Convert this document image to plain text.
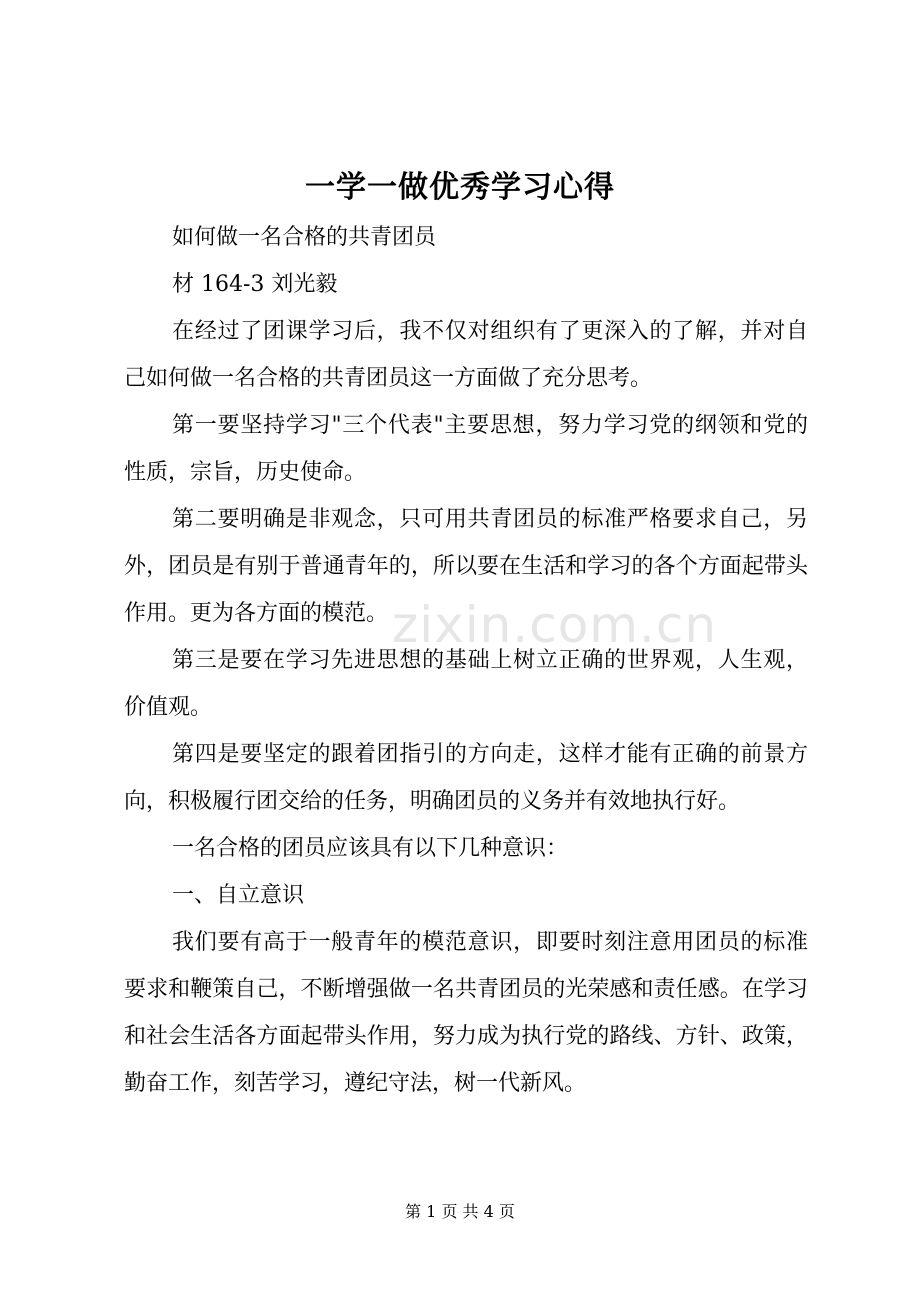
zixin.com.cn
一学一做优秀学习心得

如何做一名合格的共青团员

材 164-3 刘光毅

在经过了团课学习后，我不仅对组织有了更深入的了解，并对自己如何做一名合格的共青团员这一方面做了充分思考。

第一要坚持学习"三个代表"主要思想，努力学习党的纲领和党的性质，宗旨，历史使命。

第二要明确是非观念，只可用共青团员的标准严格要求自己，另外，团员是有别于普通青年的，所以要在生活和学习的各个方面起带头作用。更为各方面的模范。

第三是要在学习先进思想的基础上树立正确的世界观，人生观，价值观。

第四是要坚定的跟着团指引的方向走，这样才能有正确的前景方向，积极履行团交给的任务，明确团员的义务并有效地执行好。

一名合格的团员应该具有以下几种意识：

一、自立意识

我们要有高于一般青年的模范意识，即要时刻注意用团员的标准要求和鞭策自己，不断增强做一名共青团员的光荣感和责任感。在学习和社会生活各方面起带头作用，努力成为执行党的路线、方针、政策，勤奋工作，刻苦学习，遵纪守法，树一代新风。

第 1 页 共 4 页
